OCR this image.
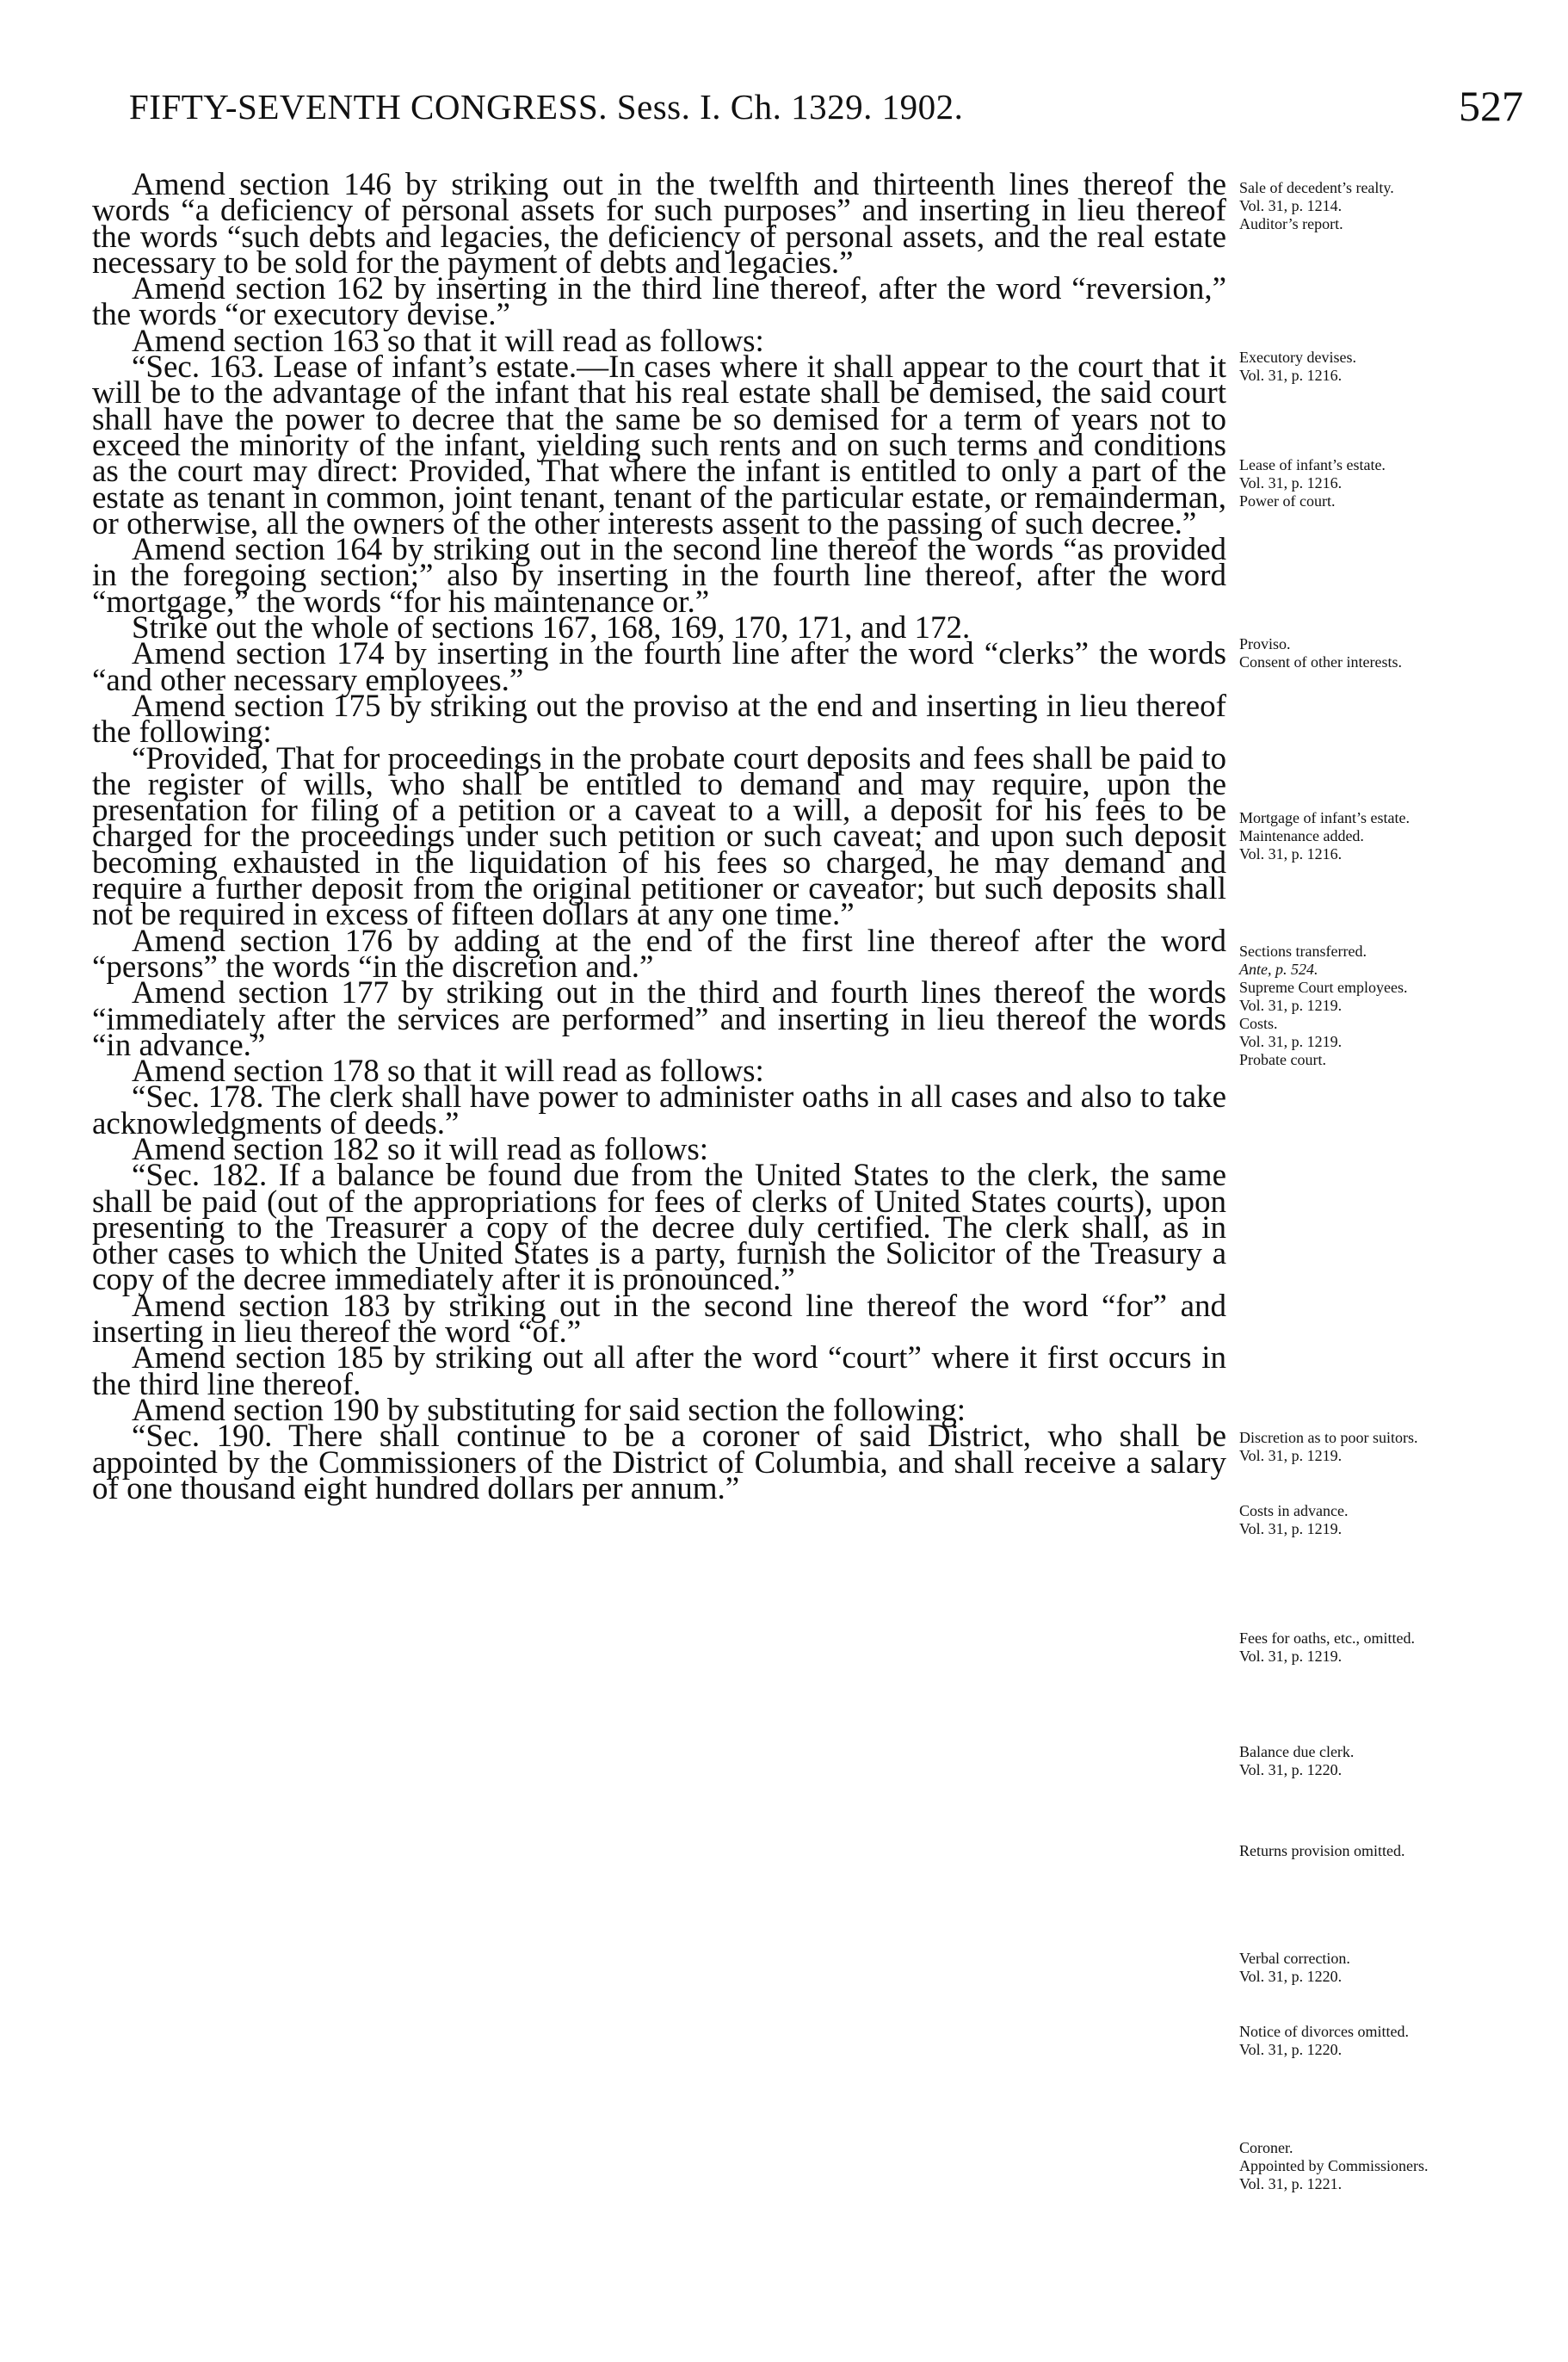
FIFTY-SEVENTH CONGRESS. Sess. I. Ch. 1329. 1902.	527

Amend section 146 by striking out in the twelfth and thirteenth lines thereof the words “a deficiency of personal assets for such purposes” and inserting in lieu thereof the words “such debts and legacies, the deficiency of personal assets, and the real estate necessary to be sold for the payment of debts and legacies.”

Amend section 162 by inserting in the third line thereof, after the word “reversion,” the words “or executory devise.”

Amend section 163 so that it will read as follows:

“Sec. 163. Lease of infant’s estate.—In cases where it shall appear to the court that it will be to the advantage of the infant that his real estate shall be demised, the said court shall have the power to decree that the same be so demised for a term of years not to exceed the minority of the infant, yielding such rents and on such terms and conditions as the court may direct: Provided, That where the infant is entitled to only a part of the estate as tenant in common, joint tenant, tenant of the particular estate, or remainderman, or otherwise, all the owners of the other interests assent to the passing of such decree.”

Amend section 164 by striking out in the second line thereof the words “as provided in the foregoing section;” also by inserting in the fourth line thereof, after the word “mortgage,” the words “for his maintenance or.”

Strike out the whole of sections 167, 168, 169, 170, 171, and 172.

Amend section 174 by inserting in the fourth line after the word “clerks” the words “and other necessary employees.”

Amend section 175 by striking out the proviso at the end and inserting in lieu thereof the following:

“Provided, That for proceedings in the probate court deposits and fees shall be paid to the register of wills, who shall be entitled to demand and may require, upon the presentation for filing of a petition or a caveat to a will, a deposit for his fees to be charged for the proceedings under such petition or such caveat; and upon such deposit becoming exhausted in the liquidation of his fees so charged, he may demand and require a further deposit from the original petitioner or caveator; but such deposits shall not be required in excess of fifteen dollars at any one time.”

Amend section 176 by adding at the end of the first line thereof after the word “persons” the words “in the discretion and.”

Amend section 177 by striking out in the third and fourth lines thereof the words “immediately after the services are performed” and inserting in lieu thereof the words “in advance.”

Amend section 178 so that it will read as follows:

“Sec. 178. The clerk shall have power to administer oaths in all cases and also to take acknowledgments of deeds.”

Amend section 182 so it will read as follows:

“Sec. 182. If a balance be found due from the United States to the clerk, the same shall be paid (out of the appropriations for fees of clerks of United States courts), upon presenting to the Treasurer a copy of the decree duly certified. The clerk shall, as in other cases to which the United States is a party, furnish the Solicitor of the Treasury a copy of the decree immediately after it is pronounced.”

Amend section 183 by striking out in the second line thereof the word “for” and inserting in lieu thereof the word “of.”

Amend section 185 by striking out all after the word “court” where it first occurs in the third line thereof.

Amend section 190 by substituting for said section the following:

“Sec. 190. There shall continue to be a coroner of said District, who shall be appointed by the Commissioners of the District of Columbia, and shall receive a salary of one thousand eight hundred dollars per annum.”

Sale of decedent’s realty.
Vol. 31, p. 1214.
Auditor’s report.
Executory devises.
Vol. 31, p. 1216.
Lease of infant’s estate.
Vol. 31, p. 1216.
Power of court.
Proviso.
Consent of other interests.
Mortgage of infant’s estate.
Maintenance added.
Vol. 31, p. 1216.
Sections transferred.
Ante, p. 524.
Supreme Court employees.
Vol. 31, p. 1219.
Costs.
Vol. 31, p. 1219.
Probate court.
Discretion as to poor suitors.
Vol. 31, p. 1219.
Costs in advance.
Vol. 31, p. 1219.
Fees for oaths, etc., omitted.
Vol. 31, p. 1219.
Balance due clerk.
Vol. 31, p. 1220.
Returns provision omitted.
Verbal correction.
Vol. 31, p. 1220.
Notice of divorces omitted.
Vol. 31, p. 1220.
Coroner.
Appointed by Commissioners.
Vol. 31, p. 1221.
